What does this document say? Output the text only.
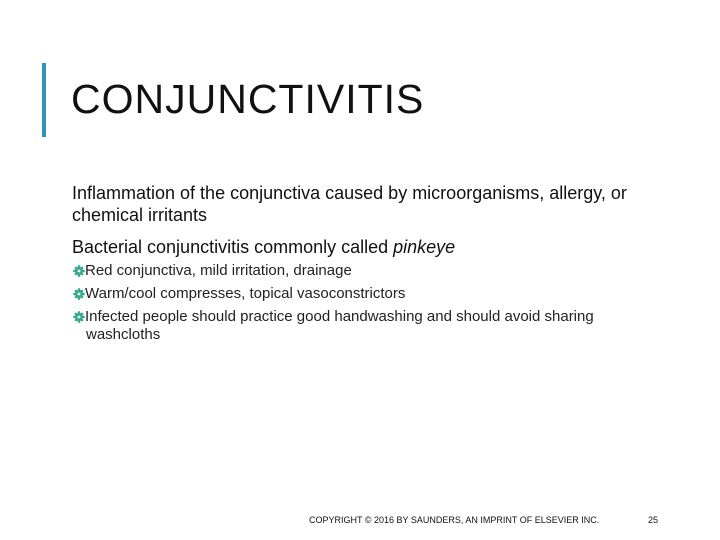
CONJUNCTIVITIS

Inflammation of the conjunctiva caused by microorganisms, allergy, or chemical irritants

Bacterial conjunctivitis commonly called pinkeye

Red conjunctiva, mild irritation, drainage
Warm/cool compresses, topical vasoconstrictors
Infected people should practice good handwashing and should avoid sharing washcloths
COPYRIGHT © 2016 BY SAUNDERS, AN IMPRINT OF ELSEVIER INC.	25
